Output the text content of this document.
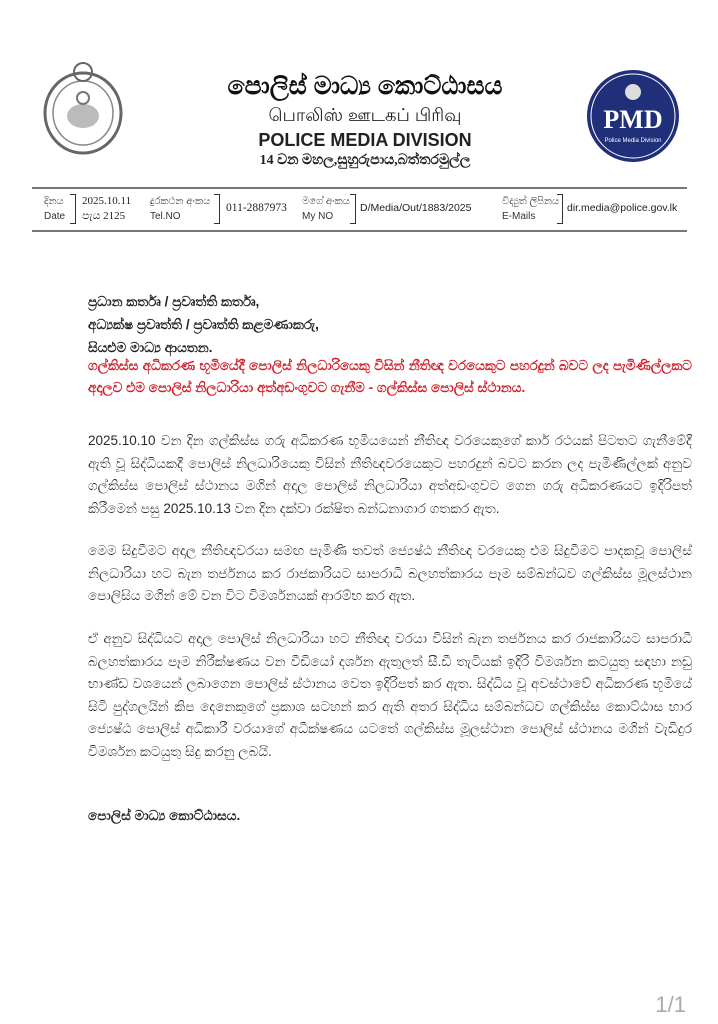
පොලිස් මාධ්‍ය කොට්ඨාසය
பொலிஸ் ஊடகப் பிரிவு
POLICE MEDIA DIVISION
14 වන මහල,සුහුරුපාය,බත්තරමුල්ල
PMD
Police Media Division
දිනය
Date
2025.10.11
පැය 2125
දුරකථන අංකය
Tel.NO
011-2887973
මගේ අංකය
My NO
D/Media/Out/1883/2025
විද්‍යුත් ලිපිනය
E-Mails
dir.media@police.gov.lk
ප්‍රධාන කර්තෘ / ප්‍රවෘත්ති කර්තෘ,
අධ්‍යක්ෂ ප්‍රවෘත්ති / ප්‍රවෘත්ති කළමණාකරු,
සියළුම මාධ්‍ය ආයතන.
ගල්කිස්ස අධිකරණ භූමියේදී පොලිස් නිලධාරියෙකු විසින් නීතිඥ වරයෙකුට පහරදුන් බවට ලද පැමිණිල්ලකට අදාලව එම පොලිස් නිලධාරියා අත්අඩංගුවට ගැනීම - ගල්කිස්ස පොලිස් ස්ථානය.
2025.10.10 වන දින ගල්කිස්ස ගරු අධිකරණ භූමියයෙන් නීතිඥ වරයෙකුගේ කාර් රථයක් පිටතට ගැනීමේදී ඇති වූ සිද්ධියකදී පොලිස් නිලධාරියෙකු විසින් නීතිඥවරයෙකුට පහරදුන් බවට කරන ලද පැමිණිල්ලක් අනුව ගල්කිස්ස පොලිස් ස්ථානය මගින් අදාල පොලිස් නිලධාරියා අත්අඩංගුවට ගෙන ගරු අධිකරණයට ඉදිරිපත් කිරීමෙන් පසු 2025.10.13 වන දින දක්වා රක්ෂිත බන්ධනාගාර ගතකර ඇත.
මෙම සිදුවීමට අදාල නීතිඥවරයා සමඟ පැමිණි තවත් ජ්‍යෙෂ්ඨ නීතිඥ වරයෙකු එම සිදුවීමට පාදකවූ පොලිස් නිලධාරියා හට බැන තර්ජනය කර රාජකාරියට සාපරාධී බලහත්කාරය පෑම සම්බන්ධව ගල්කිස්ස මූලස්ථාන පොලිසිය මගින් මේ වන විට විමර්ශනයක් ආරම්භ කර ඇත.
ඒ අනුව සිද්ධියට අදාල පොලිස් නිලධාරියා හට නීතිඥ වරයා විසින් බැන තර්ජනය කර රාජකාරියට සාපරාධී බලහත්කාරය පෑම නිරීක්ෂණය වන වීඩියෝ දර්ශන ඇතුලත් සී.ඩී තැටියක් ඉදිරි විමර්ශන කටයුතු සඳහා නඩු භාණ්ඩ වශයෙන් ලබාගෙන පොලිස් ස්ථානය වෙත ඉදිරිපත් කර ඇත. සිද්ධිය වූ අවස්ථාවේ අධිකරණ භූමියේ සිටි පුද්ගලයින් කිප දෙනෙකුගේ ප්‍රකාශ සටහන් කර ඇති අතර සිද්ධිය සම්බන්ධව ගල්කිස්ස කොට්ඨාස භාර ජ්‍යෙෂ්ඨ පොලිස් අධිකාරී වරයාගේ අධීක්ෂණය යටතේ ගල්කිස්ස මූලස්ථාන පොලිස් ස්ථානය මගින් වැඩිදුර විමර්ශන කටයුතු සිදු කරනු ලබයි.
පොලිස් මාධ්‍ය කොට්ඨාසය.
1/1
